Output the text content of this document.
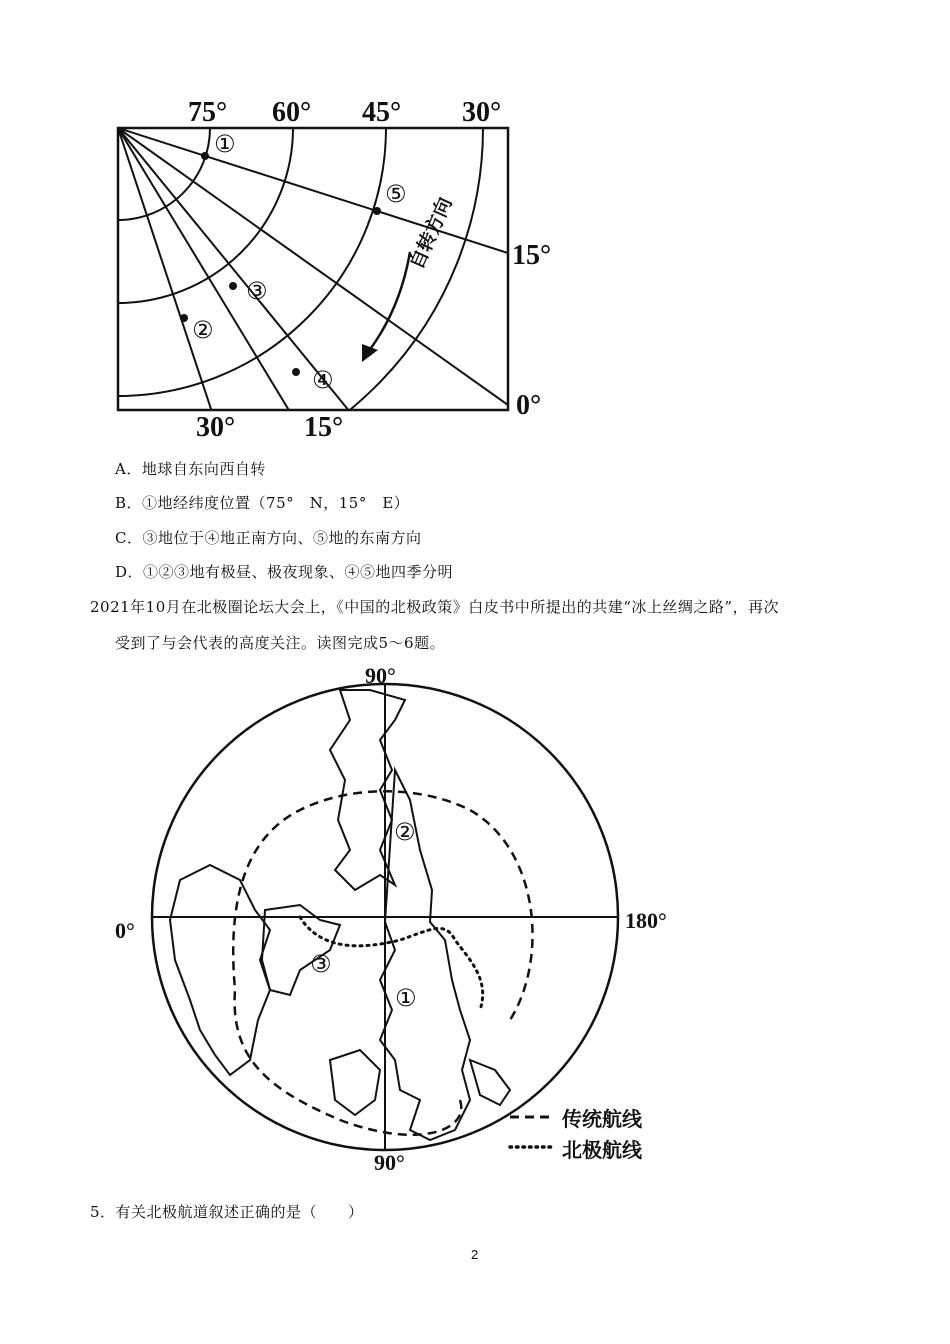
75° 60° 45° 30°
15°
0°
30° 15°
①
②
③
④
⑤
自转方向
A．地球自东向西自转
B．①地经纬度位置（75°　N，15°　E）
C．③地位于④地正南方向、⑤地的东南方向
D．①②③地有极昼、极夜现象、④⑤地四季分明
2021年10月在北极圈论坛大会上，《中国的北极政策》白皮书中所提出的共建“冰上丝绸之路”，再次
受到了与会代表的高度关注。读图完成5～6题。
90°
90°
0°	180°
①
②
③
传统航线
北极航线
5．有关北极航道叙述正确的是（　　）
2
